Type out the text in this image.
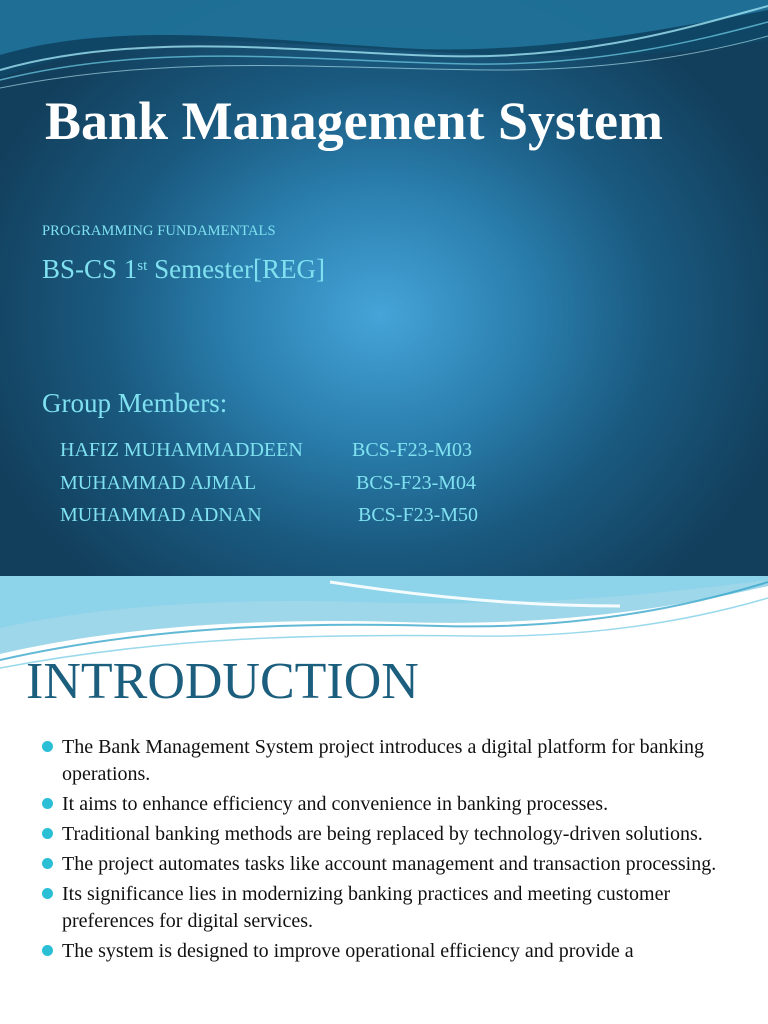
Bank Management System
PROGRAMMING FUNDAMENTALS
BS-CS 1st Semester[REG]
Group Members:
HAFIZ MUHAMMADDEEN BCS-F23-M03
MUHAMMAD AJMAL	BCS-F23-M04
MUHAMMAD ADNAN	BCS-F23-M50
INTRODUCTION
The Bank Management System project introduces a digital platform for banking operations.
It aims to enhance efficiency and convenience in banking processes.
Traditional banking methods are being replaced by technology-driven solutions.
The project automates tasks like account management and transaction processing.
Its significance lies in modernizing banking practices and meeting customer preferences for digital services.
The system is designed to improve operational efficiency and provide a
